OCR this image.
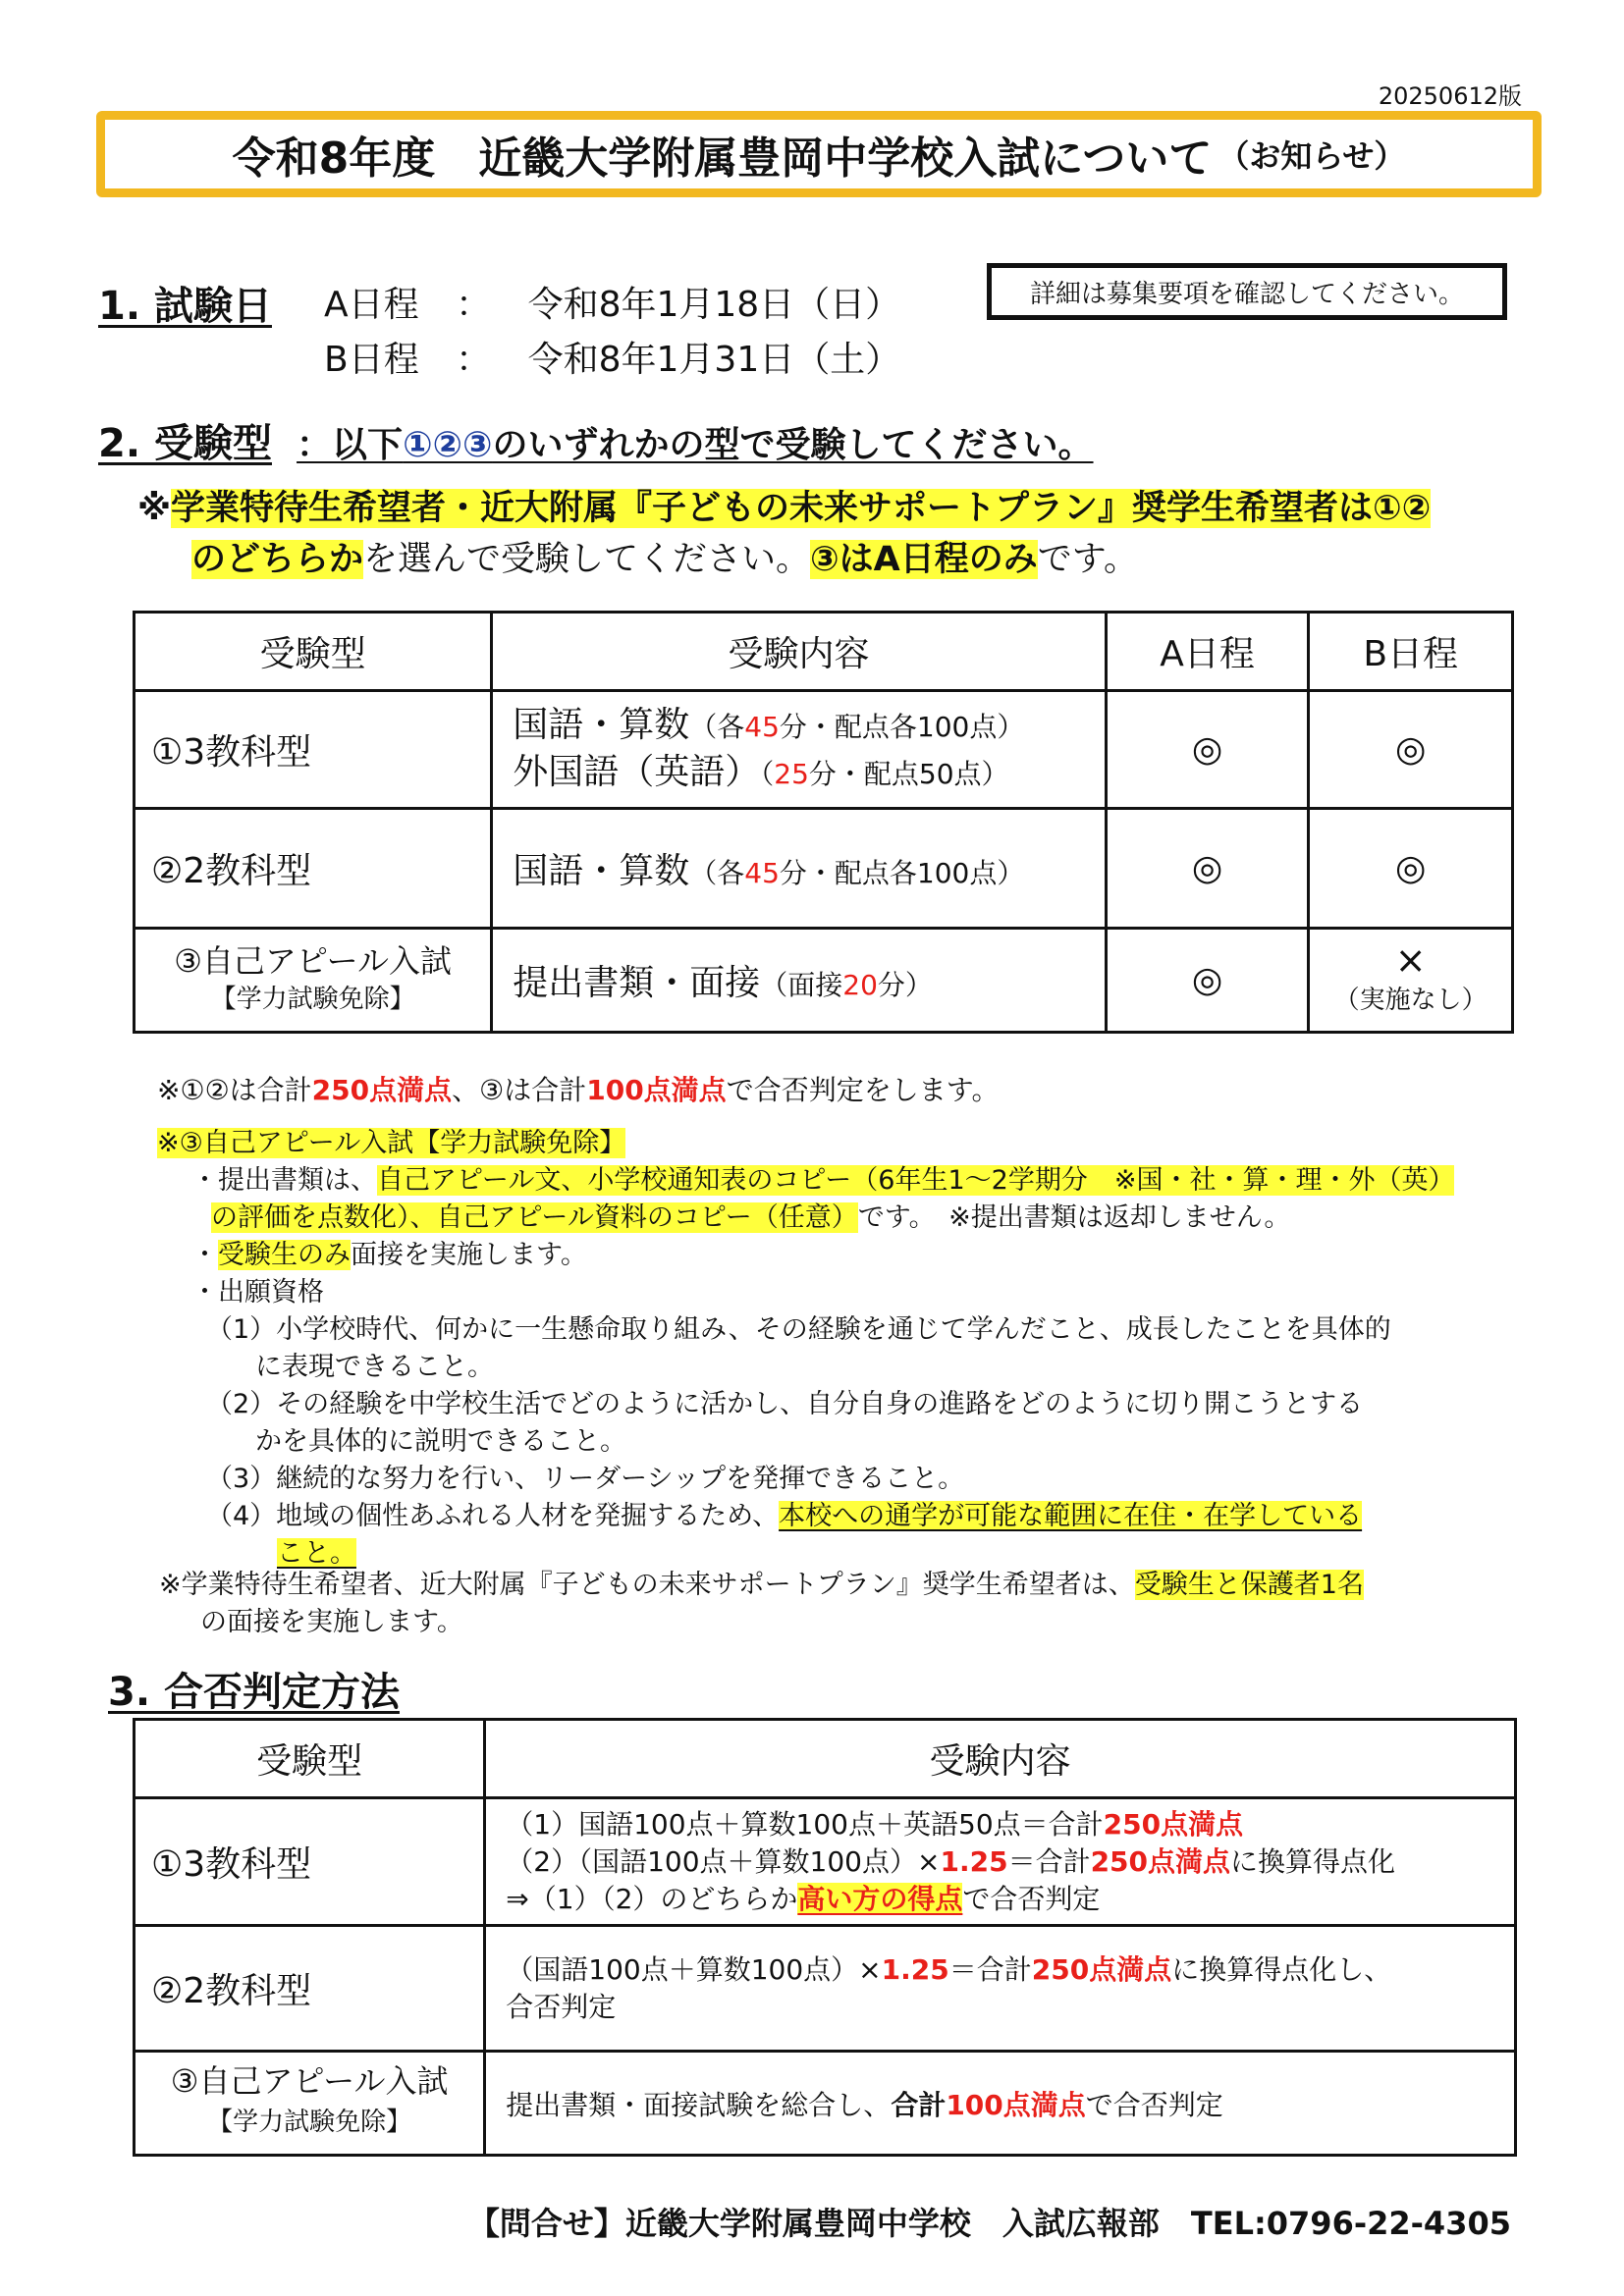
20250612版
令和8年度　近畿大学附属豊岡中学校入試について （お知らせ）
1. 試験日 A日程 ： 令和8年1月18日（日）
B日程 ： 令和8年1月31日（土）
詳細は募集要項を確認してください。
2. 受験型 ：以下①②③のいずれかの型で受験してください。
※学業特待生希望者・近大附属『子どもの未来サポートプラン』奨学生希望者は①②
のどちらかを選んで受験してください。③はA日程のみです。
受験型	受験内容	A日程	B日程
①3教科型	国語・算数（各45分・配点各100点）
外国語（英語）（25分・配点50点）	◎	◎
②2教科型	国語・算数（各45分・配点各100点）	◎	◎
③自己アピール入試
【学力試験免除】	提出書類・面接（面接20分）	◎	×
（実施なし）
※①②は合計250点満点、③は合計100点満点で合否判定をします。
※③自己アピール入試【学力試験免除】
・提出書類は、自己アピール文、小学校通知表のコピー（6年生1～2学期分　※国・社・算・理・外（英）
の評価を点数化）、自己アピール資料のコピー（任意）です。　※提出書類は返却しません。
・受験生のみ面接を実施します。
・出願資格
（1）小学校時代、何かに一生懸命取り組み、その経験を通じて学んだこと、成長したことを具体的
に表現できること。
（2）その経験を中学校生活でどのように活かし、自分自身の進路をどのように切り開こうとする
かを具体的に説明できること。
（3）継続的な努力を行い、リーダーシップを発揮できること。
（4）地域の個性あふれる人材を発掘するため、本校への通学が可能な範囲に在住・在学している
こと。
※学業特待生希望者、近大附属『子どもの未来サポートプラン』奨学生希望者は、受験生と保護者1名
の面接を実施します。
3. 合否判定方法
受験型	受験内容
①3教科型	（1）国語100点＋算数100点＋英語50点＝合計250点満点
（2）（国語100点＋算数100点）×1.25＝合計250点満点に換算得点化
⇒（1）（2）のどちらか高い方の得点で合否判定

②2教科型	（国語100点＋算数100点）×1.25＝合計250点満点に換算得点化し、
合否判定

③自己アピール入試
【学力試験免除】	提出書類・面接試験を総合し、合計100点満点で合否判定
【問合せ】近畿大学附属豊岡中学校　入試広報部　TEL:0796-22-4305
